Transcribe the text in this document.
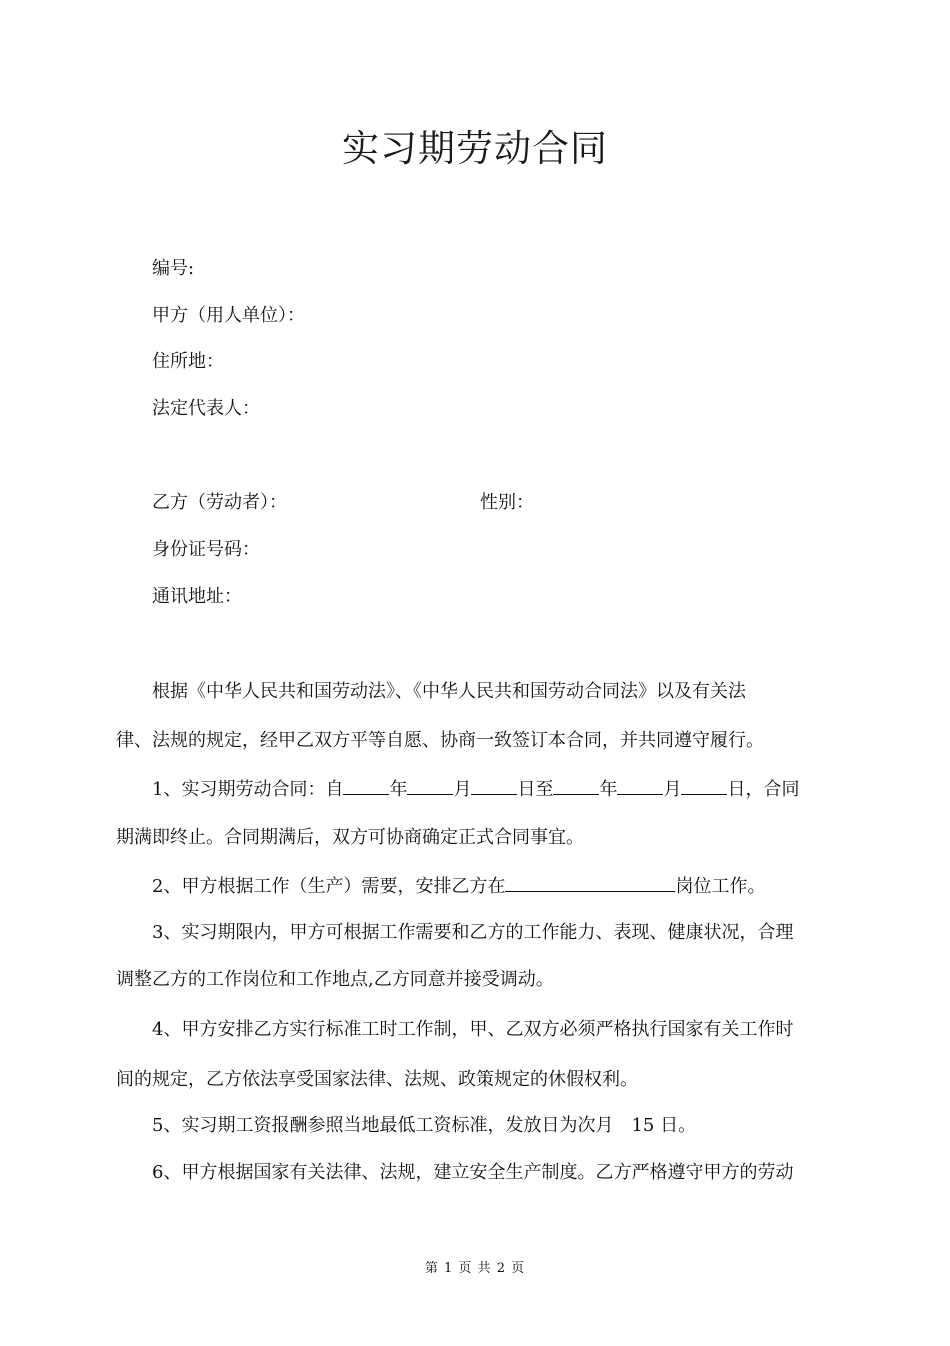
实习期劳动合同
编号:
甲方（用人单位）：
住所地：
法定代表人：
乙方（劳动者）：	性别：
身份证号码：
通讯地址：
根据《中华人民共和国劳动法》、《中华人民共和国劳动合同法》以及有关法
律、法规的规定，经甲乙双方平等自愿、协商一致签订本合同，并共同遵守履行。
1、实习期劳动合同：自	年	月	日至	年	月	日，合同
期满即终止。合同期满后，双方可协商确定正式合同事宜。
2、甲方根据工作（生产）需要，安排乙方在	岗位工作。
3、实习期限内，甲方可根据工作需要和乙方的工作能力、表现、健康状况，合理
调整乙方的工作岗位和工作地点,乙方同意并接受调动。
4、甲方安排乙方实行标准工时工作制，甲、乙双方必须严格执行国家有关工作时
间的规定，乙方依法享受国家法律、法规、政策规定的休假权利。
5、实习期工资报酬参照当地最低工资标准，发放日为次月　15 日。
6、甲方根据国家有关法律、法规，建立安全生产制度。乙方严格遵守甲方的劳动
第 1 页 共 2 页
